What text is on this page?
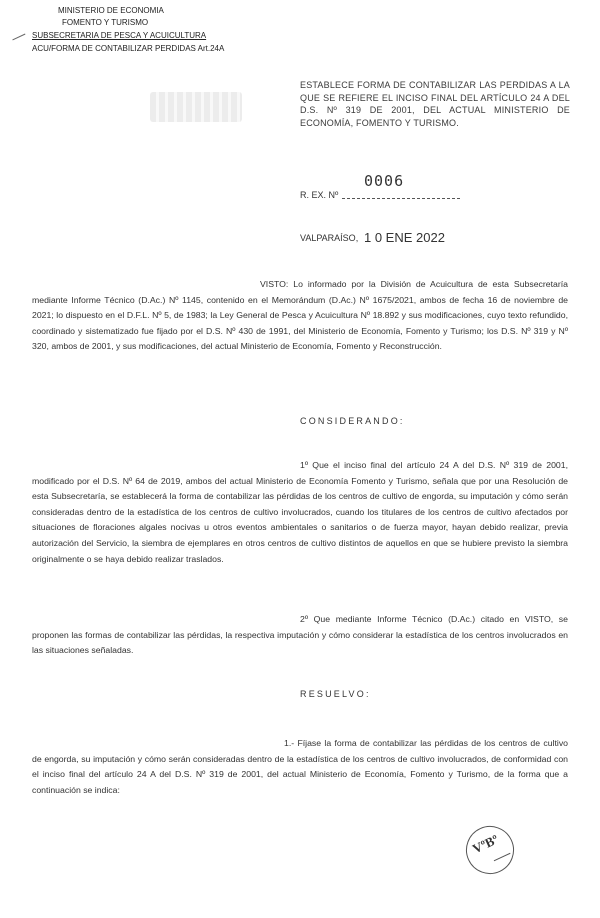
MINISTERIO DE ECONOMIA
FOMENTO Y TURISMO
SUBSECRETARIA DE PESCA Y ACUICULTURA
ACU/FORMA DE CONTABILIZAR PERDIDAS Art.24A
ESTABLECE FORMA DE CONTABILIZAR LAS PERDIDAS A LA QUE SE REFIERE EL INCISO FINAL DEL ARTÍCULO 24 A DEL D.S. Nº 319 DE 2001, DEL ACTUAL MINISTERIO DE ECONOMÍA, FOMENTO Y TURISMO.
R. EX. Nº
0006
VALPARAÍSO, 1 0 ENE 2022
VISTO: Lo informado por la División de Acuicultura de esta Subsecretaría mediante Informe Técnico (D.Ac.) Nº 1145, contenido en el Memorándum (D.Ac.) Nº 1675/2021, ambos de fecha 16 de noviembre de 2021; lo dispuesto en el D.F.L. Nº 5, de 1983; la Ley General de Pesca y Acuicultura Nº 18.892 y sus modificaciones, cuyo texto refundido, coordinado y sistematizado fue fijado por el D.S. Nº 430 de 1991, del Ministerio de Economía, Fomento y Turismo; los D.S. Nº 319 y Nº 320, ambos de 2001, y sus modificaciones, del actual Ministerio de Economía, Fomento y Reconstrucción.
CONSIDERANDO:
1º Que el inciso final del artículo 24 A del D.S. Nº 319 de 2001, modificado por el D.S. Nº 64 de 2019, ambos del actual Ministerio de Economía Fomento y Turismo, señala que por una Resolución de esta Subsecretaría, se establecerá la forma de contabilizar las pérdidas de los centros de cultivo de engorda, su imputación y cómo serán consideradas dentro de la estadística de los centros de cultivo involucrados, cuando los titulares de los centros de cultivo afectados por situaciones de floraciones algales nocivas u otros eventos ambientales o sanitarios o de fuerza mayor, hayan debido realizar, previa autorización del Servicio, la siembra de ejemplares en otros centros de cultivo distintos de aquellos en que se hubiere previsto la siembra originalmente o se haya debido realizar traslados.
2º Que mediante Informe Técnico (D.Ac.) citado en VISTO, se proponen las formas de contabilizar las pérdidas, la respectiva imputación y cómo considerar la estadística de los centros involucrados en las situaciones señaladas.
RESUELVO:
1.- Fíjase la forma de contabilizar las pérdidas de los centros de cultivo de engorda, su imputación y cómo serán consideradas dentro de la estadística de los centros de cultivo involucrados, de conformidad con el inciso final del artículo 24 A del D.S. Nº 319 de 2001, del actual Ministerio de Economía, Fomento y Turismo, de la forma que a continuación se indica:
VºBº
